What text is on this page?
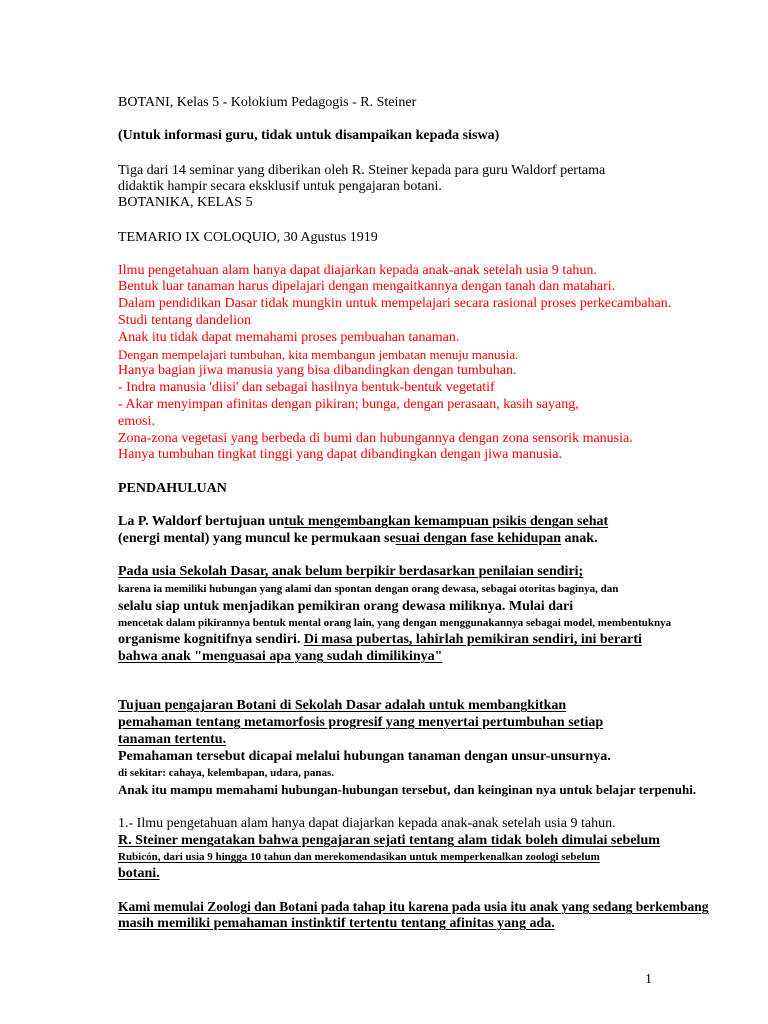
BOTANI, Kelas 5 - Kolokium Pedagogis - R. Steiner
(Untuk informasi guru, tidak untuk disampaikan kepada siswa)
Tiga dari 14 seminar yang diberikan oleh R. Steiner kepada para guru Waldorf pertama
didaktik hampir secara eksklusif untuk pengajaran botani.
BOTANIKA, KELAS 5
TEMARIO IX COLOQUIO, 30 Agustus 1919
Ilmu pengetahuan alam hanya dapat diajarkan kepada anak-anak setelah usia 9 tahun.
Bentuk luar tanaman harus dipelajari dengan mengaitkannya dengan tanah dan matahari.
Dalam pendidikan Dasar tidak mungkin untuk mempelajari secara rasional proses perkecambahan.
Studi tentang dandelion
Anak itu tidak dapat memahami proses pembuahan tanaman.
Dengan mempelajari tumbuhan, kita membangun jembatan menuju manusia.
Hanya bagian jiwa manusia yang bisa dibandingkan dengan tumbuhan.
- Indra manusia 'diisi' dan sebagai hasilnya bentuk-bentuk vegetatif
- Akar menyimpan afinitas dengan pikiran; bunga, dengan perasaan, kasih sayang,
emosi.
Zona-zona vegetasi yang berbeda di bumi dan hubungannya dengan zona sensorik manusia.
Hanya tumbuhan tingkat tinggi yang dapat dibandingkan dengan jiwa manusia.
PENDAHULUAN
La P. Waldorf bertujuan untuk mengembangkan kemampuan psikis dengan sehat
(energi mental) yang muncul ke permukaan sesuai dengan fase kehidupan anak.
Pada usia Sekolah Dasar, anak belum berpikir berdasarkan penilaian sendiri;
karena ia memiliki hubungan yang alami dan spontan dengan orang dewasa, sebagai otoritas baginya, dan
selalu siap untuk menjadikan pemikiran orang dewasa miliknya. Mulai dari
mencetak dalam pikirannya bentuk mental orang lain, yang dengan menggunakannya sebagai model, membentuknya
organisme kognitifnya sendiri. Di masa pubertas, lahirlah pemikiran sendiri, ini berarti
bahwa anak "menguasai apa yang sudah dimilikinya"
Tujuan pengajaran Botani di Sekolah Dasar adalah untuk membangkitkan
pemahaman tentang metamorfosis progresif yang menyertai pertumbuhan setiap
tanaman tertentu.
Pemahaman tersebut dicapai melalui hubungan tanaman dengan unsur-unsurnya.
di sekitar: cahaya, kelembapan, udara, panas.
Anak itu mampu memahami hubungan-hubungan tersebut, dan keinginan nya untuk belajar terpenuhi.
1.- Ilmu pengetahuan alam hanya dapat diajarkan kepada anak-anak setelah usia 9 tahun.
R. Steiner mengatakan bahwa pengajaran sejati tentang alam tidak boleh dimulai sebelum
Rubicón, dari usia 9 hingga 10 tahun dan merekomendasikan untuk memperkenalkan zoologi sebelum
botani.
Kami memulai Zoologi dan Botani pada tahap itu karena pada usia itu anak yang sedang berkembang
masih memiliki pemahaman instinktif tertentu tentang afinitas yang ada.
1
